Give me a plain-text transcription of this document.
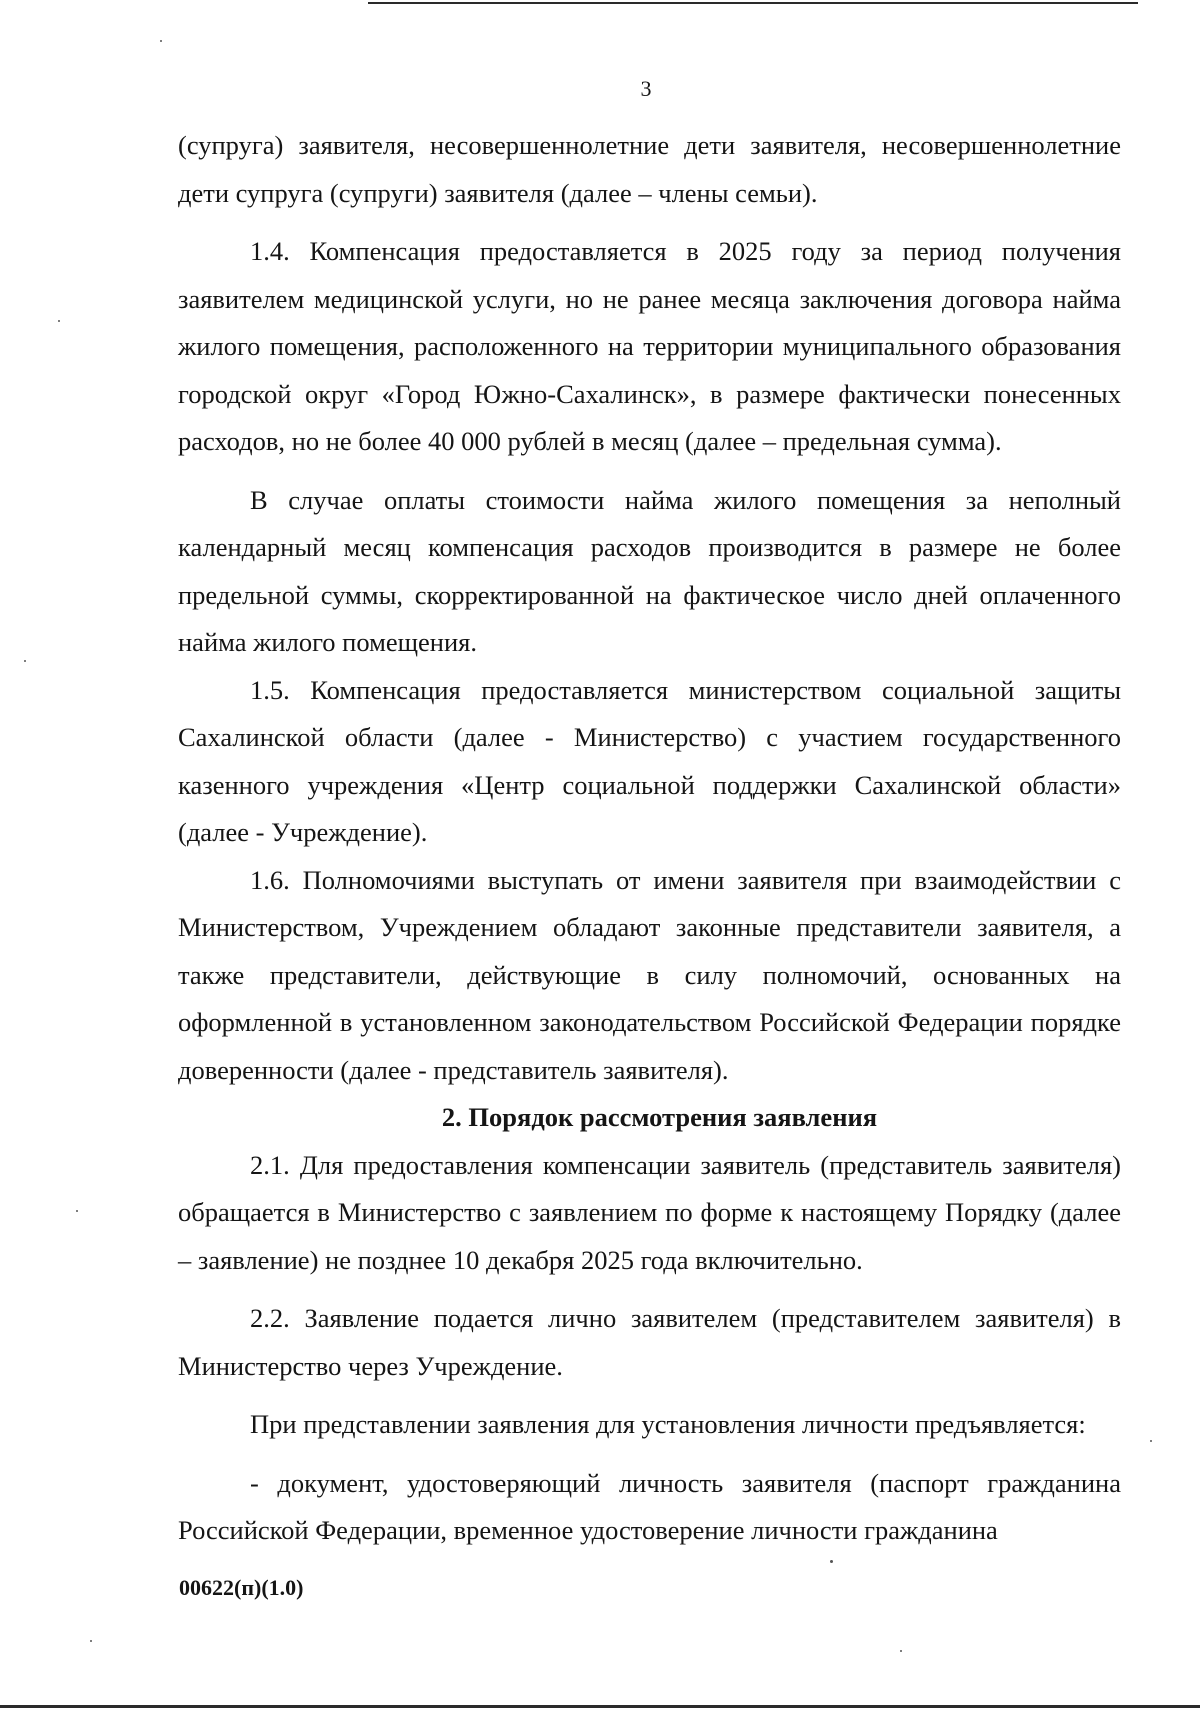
3

(супруга) заявителя, несовершеннолетние дети заявителя, несовершеннолетние дети супруга (супруги) заявителя (далее – члены семьи).

1.4. Компенсация предоставляется в 2025 году за период получения заявителем медицинской услуги, но не ранее месяца заключения договора найма жилого помещения, расположенного на территории муниципального образования городской округ «Город Южно-Сахалинск», в размере фактически понесенных расходов, но не более 40 000 рублей в месяц (далее – предельная сумма).

В случае оплаты стоимости найма жилого помещения за неполный календарный месяц компенсация расходов производится в размере не более предельной суммы, скорректированной на фактическое число дней оплаченного найма жилого помещения.

1.5. Компенсация предоставляется министерством социальной защиты Сахалинской области (далее - Министерство) с участием государственного казенного учреждения «Центр социальной поддержки Сахалинской области» (далее - Учреждение).

1.6. Полномочиями выступать от имени заявителя при взаимодействии с Министерством, Учреждением обладают законные представители заявителя, а также представители, действующие в силу полномочий, основанных на оформленной в установленном законодательством Российской Федерации порядке доверенности (далее - представитель заявителя).

2. Порядок рассмотрения заявления

2.1. Для предоставления компенсации заявитель (представитель заявителя) обращается в Министерство с заявлением по форме к настоящему Порядку (далее – заявление) не позднее 10 декабря 2025 года включительно.

2.2. Заявление подается лично заявителем (представителем заявителя) в Министерство через Учреждение.

При представлении заявления для установления личности предъявляется:

- документ, удостоверяющий личность заявителя (паспорт гражданина Российской Федерации, временное удостоверение личности гражданина

00622(п)(1.0)
